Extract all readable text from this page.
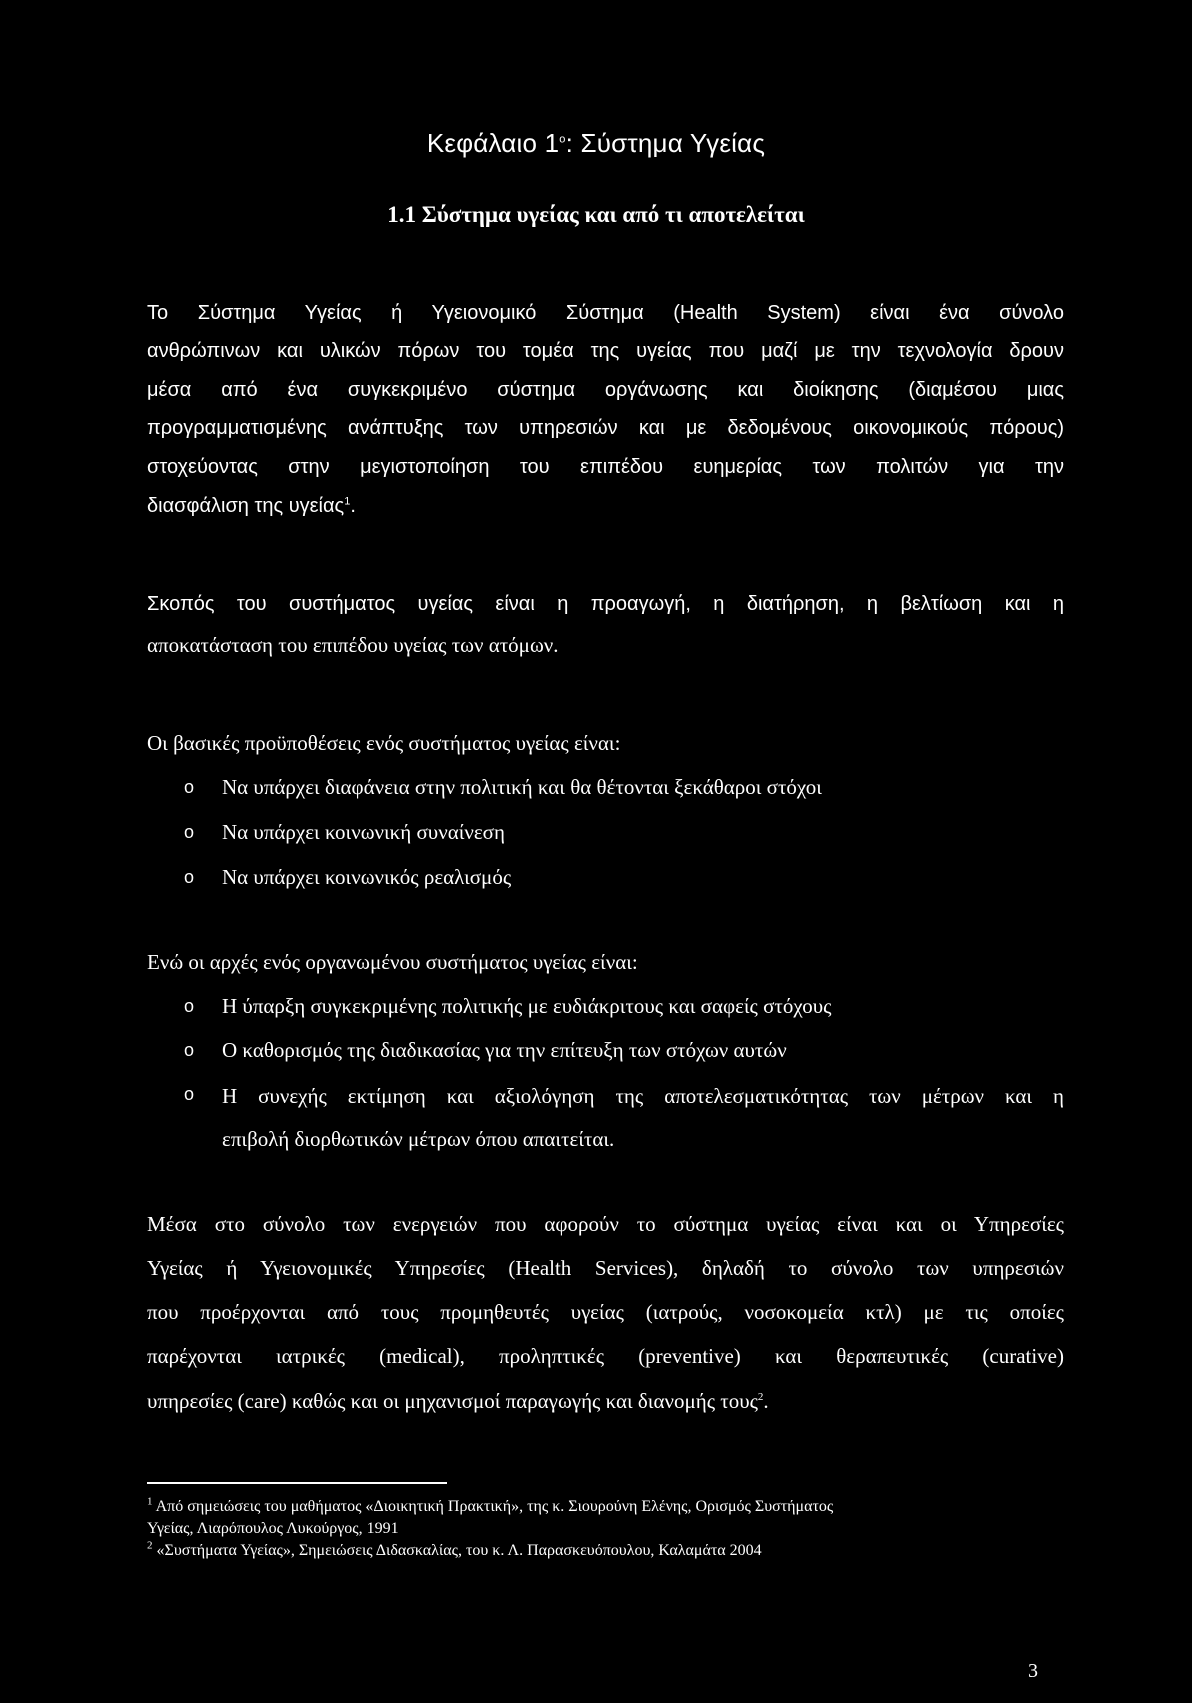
Κεφάλαιο $1^o$: Σύστημα Υγείας
1.1 Σύστημα υγείας και από τι αποτελείται
Το Σύστημα Υγείας ή Υγειονομικό Σύστημα (Health System) είναι ένα σύνολο
ανθρώπινων και υλικών πόρων του τομέα της υγείας που μαζί με την τεχνολογία δρουν
μέσα από ένα συγκεκριμένο σύστημα οργάνωσης και διοίκησης (διαμέσου μιας
προγραμματισμένης ανάπτυξης των υπηρεσιών και με δεδομένους οικονομικούς πόρους)
στοχεύοντας στην μεγιστοποίηση του επιπέδου ευημερίας των πολιτών για την
διασφάλιση της υγείας$^1$.
Σκοπός του συστήματος υγείας είναι η προαγωγή, η διατήρηση, η βελτίωση και η
αποκατάσταση του επιπέδου υγείας των ατόμων.
Οι βασικές προϋποθέσεις ενός συστήματος υγείας είναι:
o Να υπάρχει διαφάνεια στην πολιτική και θα θέτονται ξεκάθαροι στόχοι
o Να υπάρχει κοινωνική συναίνεση
o Να υπάρχει κοινωνικός ρεαλισμός
Ενώ οι αρχές ενός οργανωμένου συστήματος υγείας είναι:
o Η ύπαρξη συγκεκριμένης πολιτικής με ευδιάκριτους και σαφείς στόχους
o Ο καθορισμός της διαδικασίας για την επίτευξη των στόχων αυτών
o Η συνεχής εκτίμηση και αξιολόγηση της αποτελεσματικότητας των μέτρων και η
επιβολή διορθωτικών μέτρων όπου απαιτείται.
Μέσα στο σύνολο των ενεργειών που αφορούν το σύστημα υγείας είναι και οι Υπηρεσίες
Υγείας ή Υγειονομικές Υπηρεσίες (Health Services), δηλαδή το σύνολο των υπηρεσιών
που προέρχονται από τους προμηθευτές υγείας (ιατρούς, νοσοκομεία κτλ) με τις οποίες
παρέχονται ιατρικές (medical), προληπτικές (preventive) και θεραπευτικές (curative)
υπηρεσίες (care) καθώς και οι μηχανισμοί παραγωγής και διανομής τους$^2$.
$^1$ Από σημειώσεις του μαθήματος «Διοικητική Πρακτική», της κ. Σιουρούνη Ελένης, Ορισμός Συστήματος
Υγείας, Λιαρόπουλος Λυκούργος, 1991
$^2$ «Συστήματα Υγείας», Σημειώσεις Διδασκαλίας, του κ. Λ. Παρασκευόπουλου, Καλαμάτα 2004
3
